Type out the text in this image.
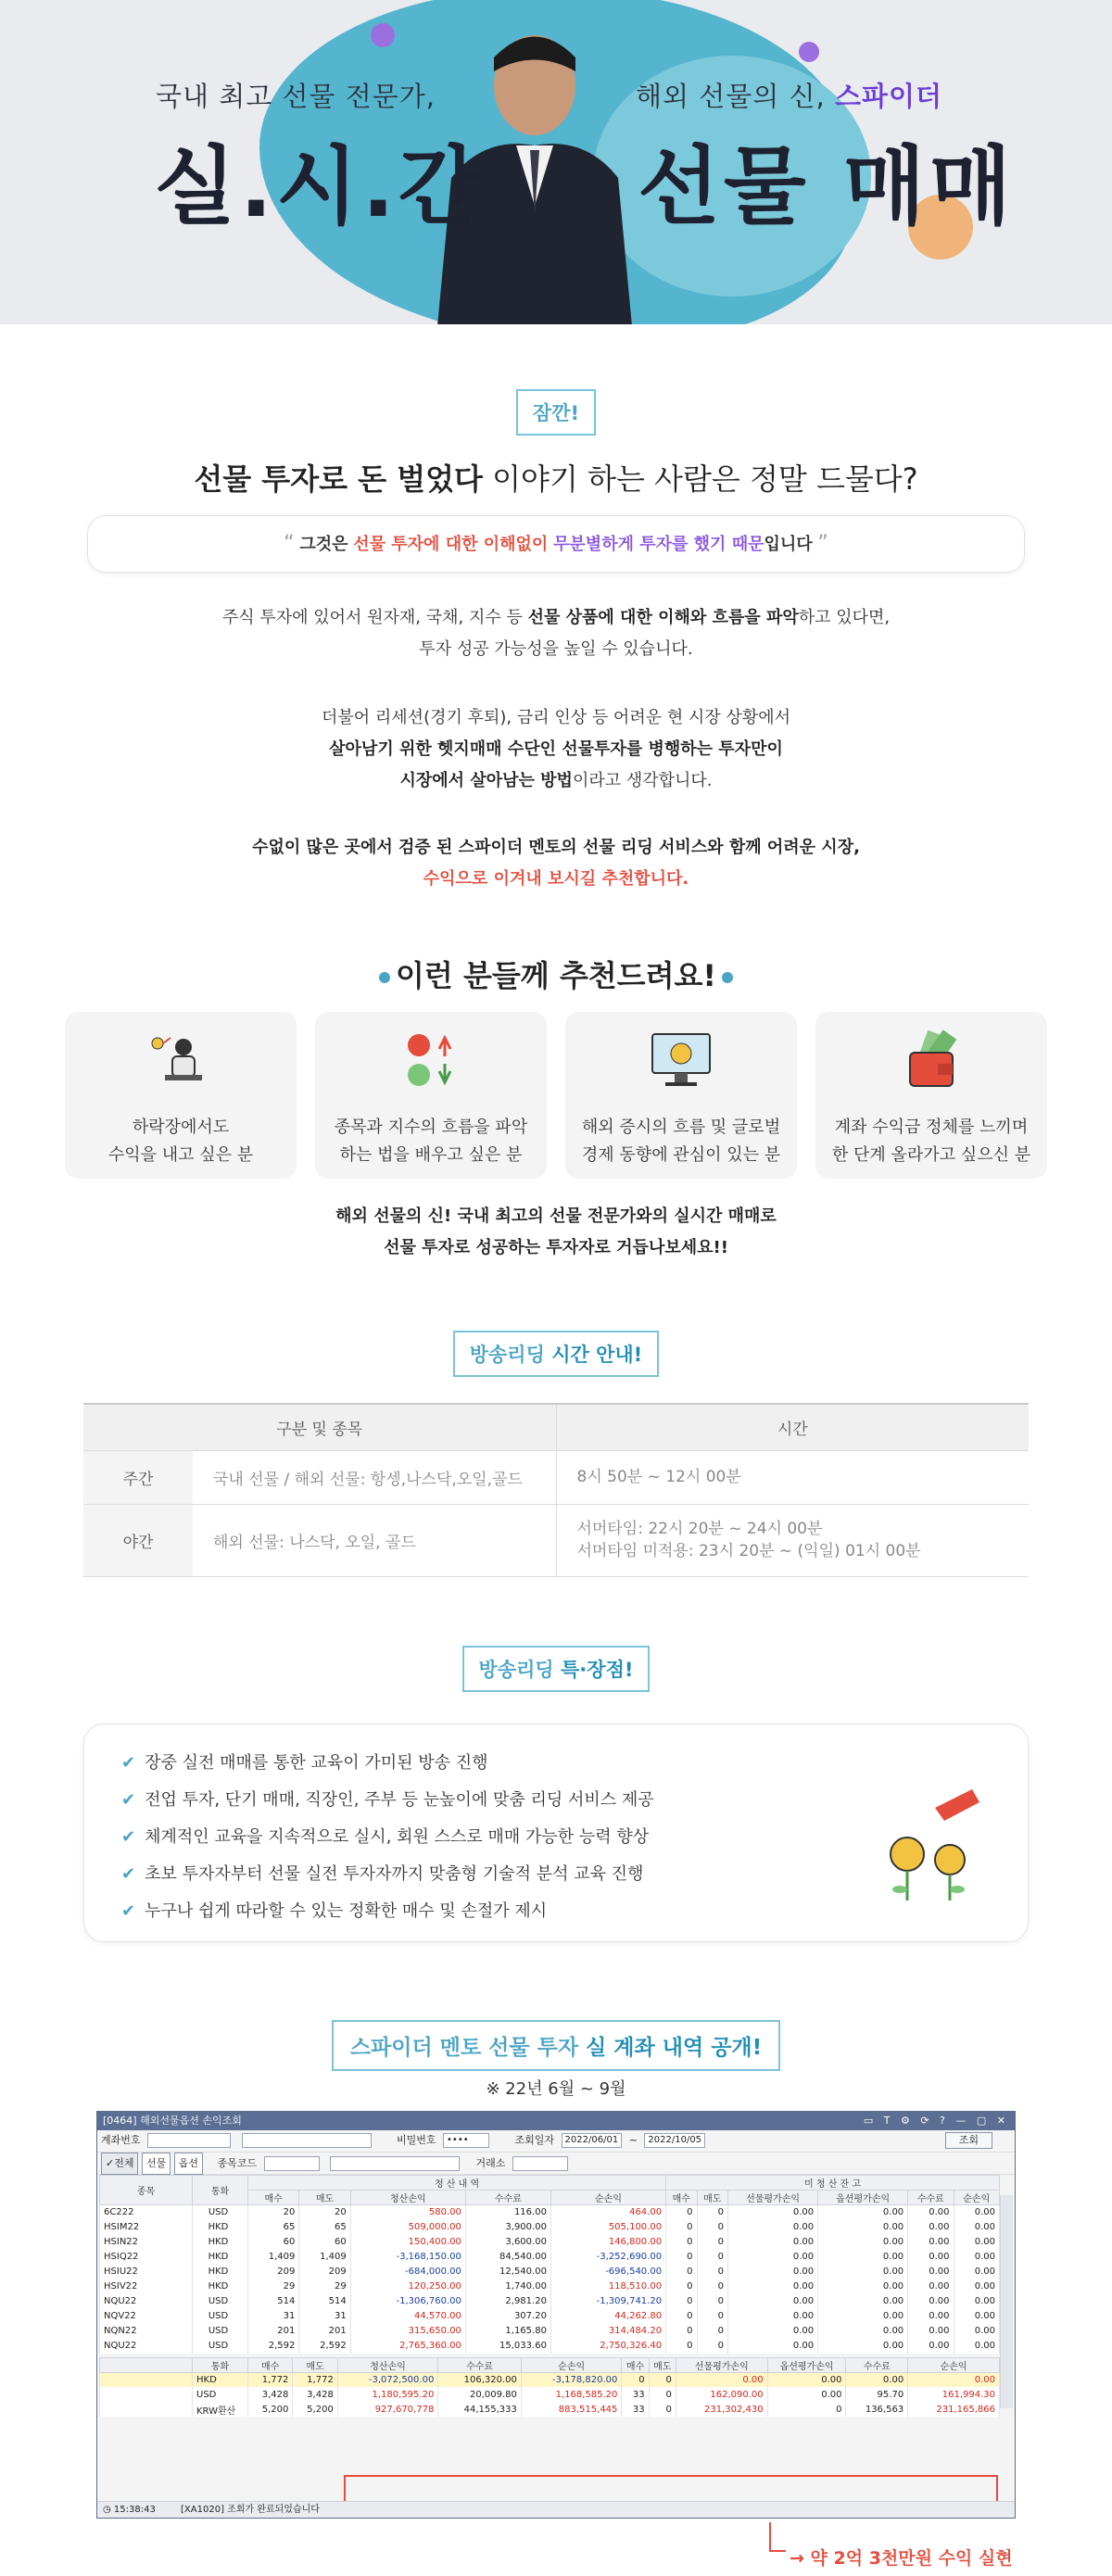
국내 최고 선물 전문가,	해외 선물의 신, 스파이더
실.시.간 선물 매매
잠깐!
선물 투자로 돈 벌었다 이야기 하는 사람은 정말 드물다?
“ 그것은 선물 투자에 대한 이해없이 무분별하게 투자를 했기 때문입니다 ”
주식 투자에 있어서 원자재, 국채, 지수 등 선물 상품에 대한 이해와 흐름을 파악하고 있다면,
투자 성공 가능성을 높일 수 있습니다.
더불어 리세션(경기 후퇴), 금리 인상 등 어려운 현 시장 상황에서
살아남기 위한 헷지매매 수단인 선물투자를 병행하는 투자만이
시장에서 살아남는 방법이라고 생각합니다.
수없이 많은 곳에서 검증 된 스파이더 멘토의 선물 리딩 서비스와 함께 어려운 시장,
수익으로 이겨내 보시길 추천합니다.
이런 분들께 추천드려요!
하락장에서도
수익을 내고 싶은 분
종목과 지수의 흐름을 파악
하는 법을 배우고 싶은 분
해외 증시의 흐름 및 글로벌
경제 동향에 관심이 있는 분
계좌 수익금 정체를 느끼며
한 단계 올라가고 싶으신 분
해외 선물의 신! 국내 최고의 선물 전문가와의 실시간 매매로
선물 투자로 성공하는 투자자로 거듭나보세요!!
방송리딩 시간 안내!
구분 및 종목		시간
주간	국내 선물 / 해외 선물: 항셍,나스닥,오일,골드	8시 50분 ~ 12시 00분
야간	해외 선물: 나스닥, 오일, 골드	서머타임: 22시 20분 ~ 24시 00분
서머타임 미적용: 23시 20분 ~ (익일) 01시 00분
방송리딩 특·장점!
✔ 장중 실전 매매를 통한 교육이 가미된 방송 진행
✔ 전업 투자, 단기 매매, 직장인, 주부 등 눈높이에 맞춤 리딩 서비스 제공
✔ 체계적인 교육을 지속적으로 실시, 회원 스스로 매매 가능한 능력 향상
✔ 초보 투자자부터 선물 실전 투자자까지 맞춤형 기술적 분석 교육 진행
✔ 누구나 쉽게 따라할 수 있는 정확한 매수 및 손절가 제시
스파이더 멘토 선물 투자 실 계좌 내역 공개!
※ 22년 6월 ~ 9월
[0464] 해외선물옵션 손익조회	▭ T ⚙ ⟳ ? — ▢ ✕
계좌번호	비밀번호 ••••	조회일자 2022/06/01 ~ 2022/10/05	조회
✓전체 선물 옵션 종목코드	거래소
종목	통화	청 산 내 역					미 청 산 잔 고					
		매수	매도	청산손익	수수료	순손익	매수	매도	선물평가손익	옵션평가손익	수수료	순손익
6C222	USD	20	20	580.00	116.00	464.00	0	0	0.00	0.00	0.00	0.00
HSIM22	HKD	65	65	509,000.00	3,900.00	505,100.00	0	0	0.00	0.00	0.00	0.00
HSIN22	HKD	60	60	150,400.00	3,600.00	146,800.00	0	0	0.00	0.00	0.00	0.00
HSIQ22	HKD	1,409	1,409	-3,168,150.00	84,540.00	-3,252,690.00	0	0	0.00	0.00	0.00	0.00
HSIU22	HKD	209	209	-684,000.00	12,540.00	-696,540.00	0	0	0.00	0.00	0.00	0.00
HSIV22	HKD	29	29	120,250.00	1,740.00	118,510.00	0	0	0.00	0.00	0.00	0.00
NQU22	USD	514	514	-1,306,760.00	2,981.20	-1,309,741.20	0	0	0.00	0.00	0.00	0.00
NQV22	USD	31	31	44,570.00	307.20	44,262.80	0	0	0.00	0.00	0.00	0.00
NQN22	USD	201	201	315,650.00	1,165.80	314,484.20	0	0	0.00	0.00	0.00	0.00
NQU22	USD	2,592	2,592	2,765,360.00	15,033.60	2,750,326.40	0	0	0.00	0.00	0.00	0.00
	통화	매수	매도	청산손익	수수료	순손익	매수	매도	선물평가손익	옵션평가손익	수수료	순손익
	HKD	1,772	1,772	-3,072,500.00	106,320.00	-3,178,820.00	0	0	0.00	0.00	0.00	0.00
	USD	3,428	3,428	1,180,595.20	20,009.80	1,168,585.20	33	0	162,090.00	0.00	95.70	161,994.30
	KRW환산	5,200	5,200	927,670,778	44,155,333	883,515,445	33	0	231,302,430	0	136,563	231,165,866
◷ 15:38:43	[XA1020] 조회가 완료되었습니다
→ 약 2억 3천만원 수익 실현
